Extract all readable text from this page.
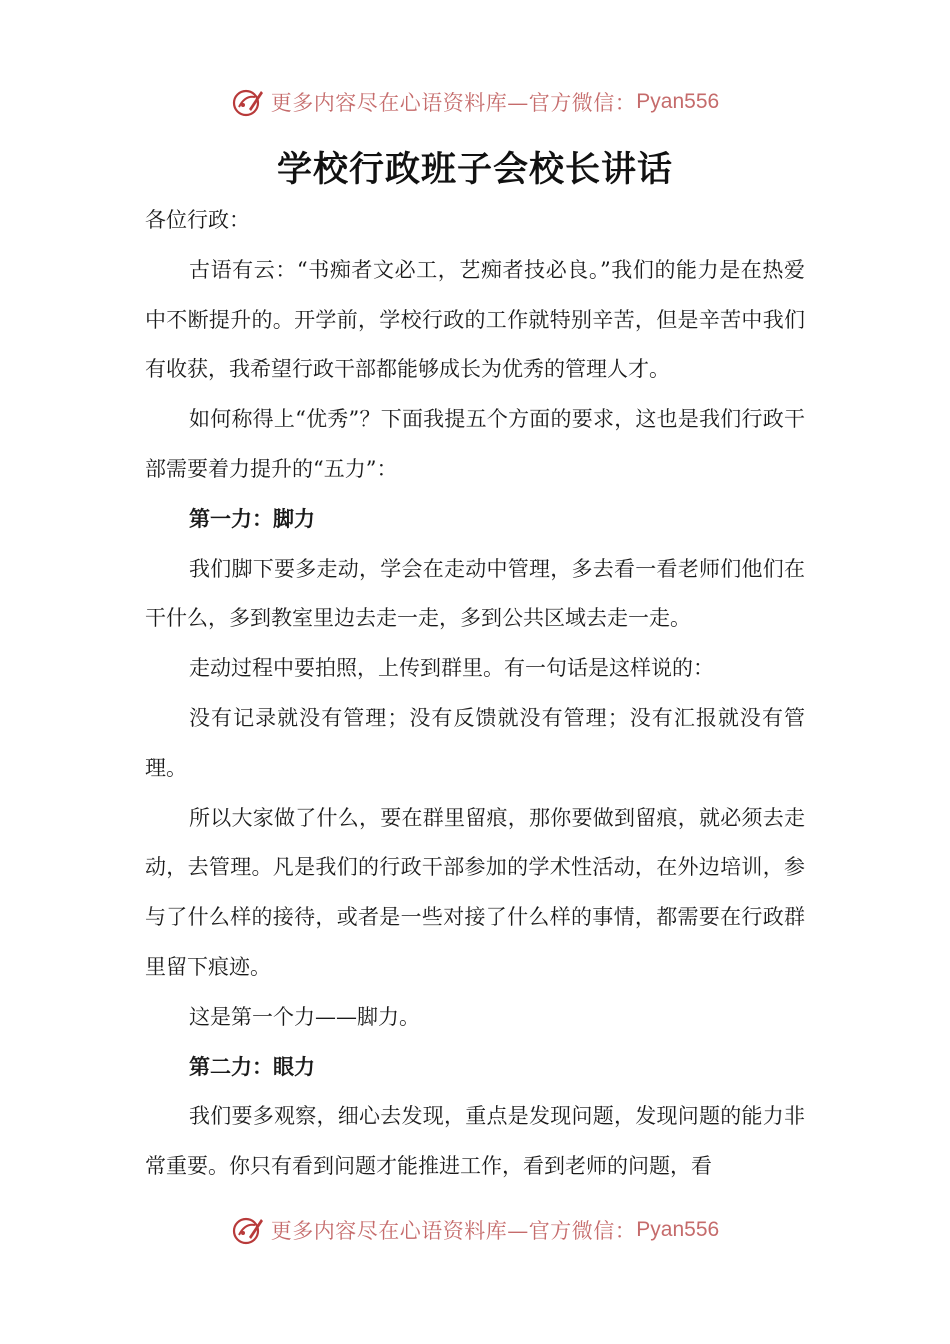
更多内容尽在心语资料库—官方微信： Pyan556
学校行政班子会校长讲话

各位行政：

古语有云：“书痴者文必工，艺痴者技必良。”我们的能力是在热爱中不断提升的。开学前，学校行政的工作就特别辛苦，但是辛苦中我们有收获，我希望行政干部都能够成长为优秀的管理人才。

如何称得上“优秀”？下面我提五个方面的要求，这也是我们行政干部需要着力提升的“五力”：

第一力：脚力

我们脚下要多走动，学会在走动中管理，多去看一看老师们他们在干什么，多到教室里边去走一走，多到公共区域去走一走。

走动过程中要拍照，上传到群里。有一句话是这样说的：

没有记录就没有管理；没有反馈就没有管理；没有汇报就没有管理。

所以大家做了什么，要在群里留痕，那你要做到留痕，就必须去走动，去管理。凡是我们的行政干部参加的学术性活动，在外边培训，参与了什么样的接待，或者是一些对接了什么样的事情，都需要在行政群里留下痕迹。

这是第一个力——脚力。

第二力：眼力

我们要多观察，细心去发现，重点是发现问题，发现问题的能力非常重要。你只有看到问题才能推进工作，看到老师的问题，看

更多内容尽在心语资料库—官方微信： Pyan556
